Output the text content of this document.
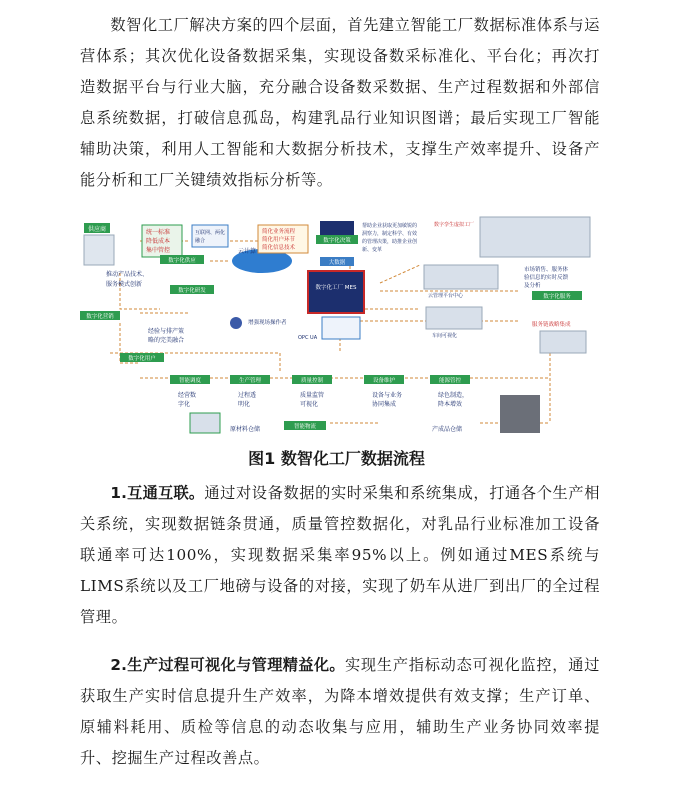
数智化工厂解决方案的四个层面，首先建立智能工厂数据标准体系与运营体系；其次优化设备数据采集，实现设备数采标准化、平台化；再次打造数据平台与行业大脑，充分融合设备数采数据、生产过程数据和外部信息系统数据，打破信息孤岛，构建乳品行业知识图谱；最后实现工厂智能辅助决策，利用人工智能和大数据分析技术，支撑生产效率提升、设备产能分析和工厂关键绩效指标分析等。
供应商	统一标准
降低成本
集中管控
互联网、两化
融合
云计算
简化业务流程
简化用户环节
简化信息技术
数字化决策
帮助企业获取更加敏锐的
洞察力，制定科学、有效
的管理决策，助推企业创
新、变革
数字孪生虚拟工厂
数字化供应	大数据
数字化工厂 MES
云管理平台中心
市场销售、服务体
验信息的实时反馈
及分析
数字化服务
推动产品技术、
服务模式创新
数字化研发
数字化营销
经验与排产策
略的完美融合
增强现场操作者
OPC UA	车间可视化
服务链战略集成
数字化用户
智能调度	生产管理	质量控制	设备维护	能源管控
经营数
字化
过程透
明化
质量监管
可视化
设备与业务
协同集成
绿色制造，
降本增效
原材料仓储	智能物流	产成品仓储
图1 数智化工厂数据流程
1.互通互联。通过对设备数据的实时采集和系统集成，打通各个生产相关系统，实现数据链条贯通，质量管控数据化，对乳品行业标准加工设备联通率可达100%，实现数据采集率95%以上。例如通过MES系统与LIMS系统以及工厂地磅与设备的对接，实现了奶车从进厂到出厂的全过程管理。
2.生产过程可视化与管理精益化。实现生产指标动态可视化监控，通过获取生产实时信息提升生产效率，为降本增效提供有效支撑；生产订单、原辅料耗用、质检等信息的动态收集与应用，辅助生产业务协同效率提升、挖掘生产过程改善点。
